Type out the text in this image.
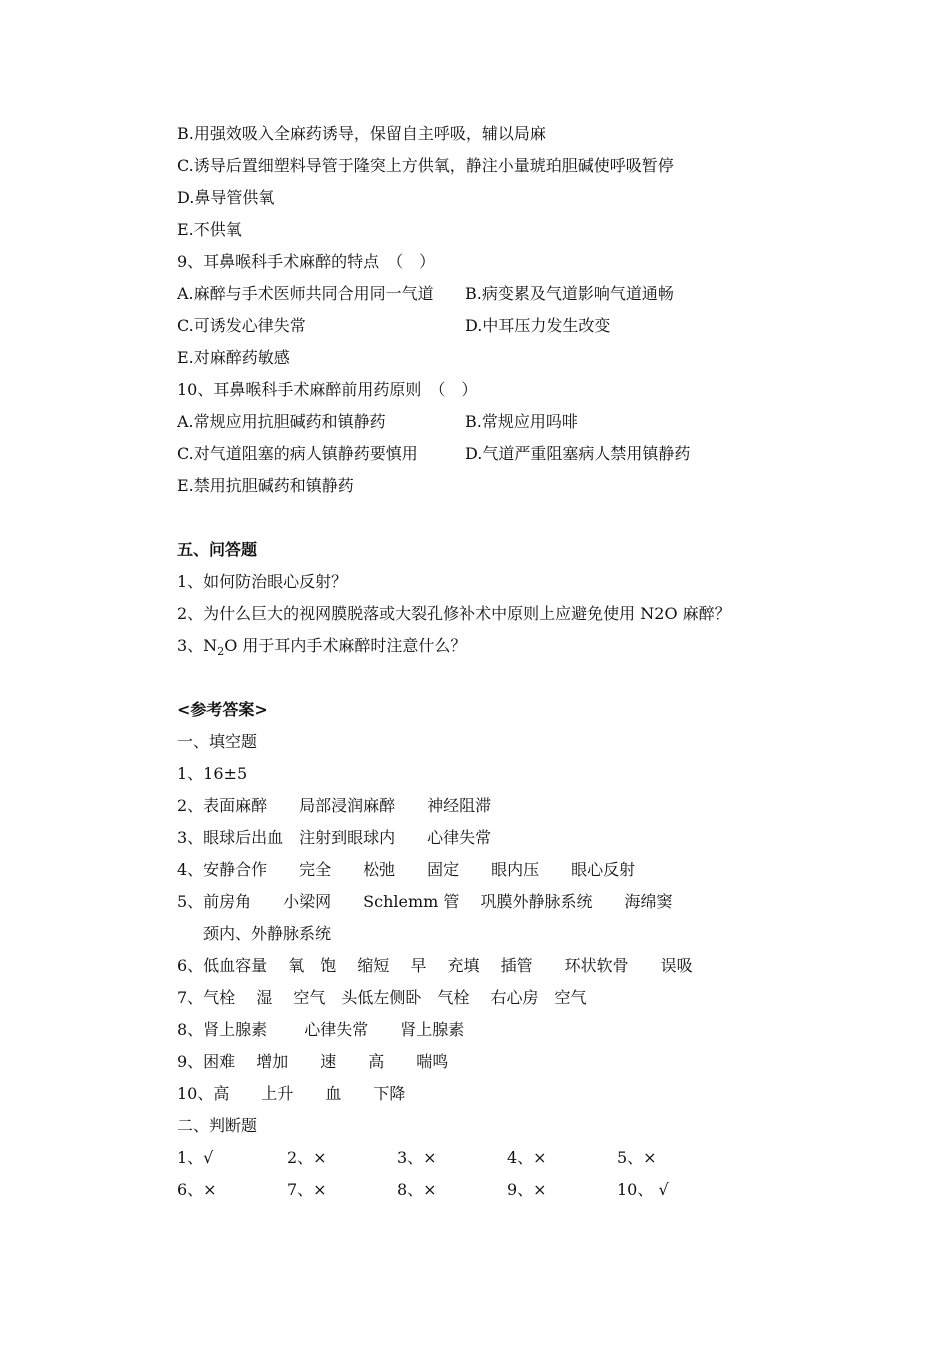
B.用强效吸入全麻药诱导，保留自主呼吸，辅以局麻
C.诱导后置细塑料导管于隆突上方供氧，静注小量琥珀胆碱使呼吸暂停
D.鼻导管供氧
E.不供氧
9、耳鼻喉科手术麻醉的特点　（　）
A.麻醉与手术医师共同合用同一气道 B.病变累及气道影响气道通畅
C.可诱发心律失常	D.中耳压力发生改变
E.对麻醉药敏感
10、耳鼻喉科手术麻醉前用药原则　（　）
A.常规应用抗胆碱药和镇静药	B.常规应用吗啡
C.对气道阻塞的病人镇静药要慎用	D.气道严重阻塞病人禁用镇静药
E.禁用抗胆碱药和镇静药
五、问答题
1、如何防治眼心反射？
2、为什么巨大的视网膜脱落或大裂孔修补术中原则上应避免使用 N2O 麻醉？
3、$N_2O$ 用于耳内手术麻醉时注意什么？
<参考答案>
一、填空题
1、16±5
2、表面麻醉　　局部浸润麻醉　　神经阻滞
3、眼球后出血　注射到眼球内　　心律失常
4、安静合作　　完全　　松弛　　固定　　眼内压　　眼心反射
5、前房角　　小梁网　　Schlemm 管　 巩膜外静脉系统　　海绵窦
颈内、外静脉系统
6、低血容量　 氧　饱　 缩短　 早　 充填　 插管　　环状软骨　　误吸
7、气栓　 湿　 空气　头低左侧卧　气栓　 右心房　空气
8、肾上腺素　　 心律失常　　肾上腺素
9、困难　 增加　　速　　高　　喘鸣
10、高　　上升　　血　　下降
二、判断题
1、√	2、×	3、×	4、×	5、×
6、×	7、×	8、×	9、×	10、 √
